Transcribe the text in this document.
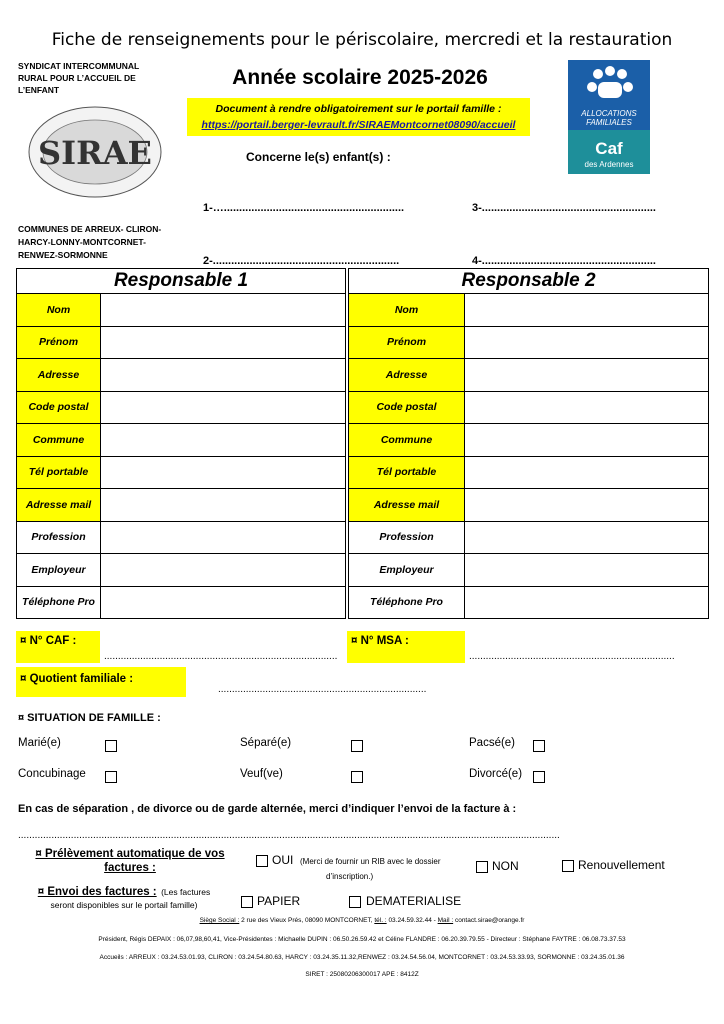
Fiche de renseignements pour le périscolaire, mercredi et la restauration
SYNDICAT INTERCOMMUNAL
RURAL POUR L’ACCUEIL DE
L’ENFANT
SIRAE
Année scolaire 2025-2026
Document à rendre obligatoirement sur le portail famille :
https://portail.berger-levrault.fr/SIRAEMontcornet08090/accueil
ALLOCATIONS
FAMILIALES
Caf
des Ardennes
Concerne le(s) enfant(s) :
1-…...........................................................	3-.........................................................
2-.............................................................	4-.........................................................
COMMUNES DE ARREUX- CLIRON-
HARCY-LONNY-MONTCORNET-
RENWEZ-SORMONNE
Responsable 1			Responsable 2	
Nom			Nom	
Prénom			Prénom	
Adresse			Adresse	
Code postal			Code postal	
Commune			Commune	
Tél portable			Tél portable	
Adresse mail			Adresse mail	
Profession			Profession	
Employeur			Employeur	
Téléphone Pro			Téléphone Pro	
¤ N° CAF :
....................................................................................
¤ N° MSA :
..........................................................................
¤ Quotient familiale :
...........................................................................
¤ SITUATION DE FAMILLE :
Marié(e)	Séparé(e)	Pacsé(e)
Concubinage	Veuf(ve)	Divorcé(e)
En cas de séparation , de divorce ou de garde alternée, merci d’indiquer l’envoi de la facture à :
...................................................................................................................................................................................................
¤ Prélèvement automatique de vos
factures :
OUI (Merci de fournir un RIB avec le dossier
d’inscription.)
NON	Renouvellement
¤ Envoi des factures : (Les factures
seront disponibles sur le portail famille)	PAPIER	DEMATERIALISE
Siège Social : 2 rue des Vieux Prés, 08090 MONTCORNET, tél. : 03.24.59.32.44 - Mail : contact.sirae@orange.fr
Président, Régis DEPAIX : 06,07,98,60,41, Vice-Présidentes : Michaelle DUPIN : 06.50.26.59.42 et Céline FLANDRE : 06.20.39.79.55 - Directeur : Stéphane FAYTRE : 06.08.73.37.53
Accueils : ARREUX : 03.24.53.01.93, CLIRON : 03.24.54.80.63, HARCY : 03.24.35.11.32,RENWEZ : 03.24.54.56.04, MONTCORNET : 03.24.53.33.93, SORMONNE : 03.24.35.01.36
SIRET : 25080206300017 APE : 8412Z
